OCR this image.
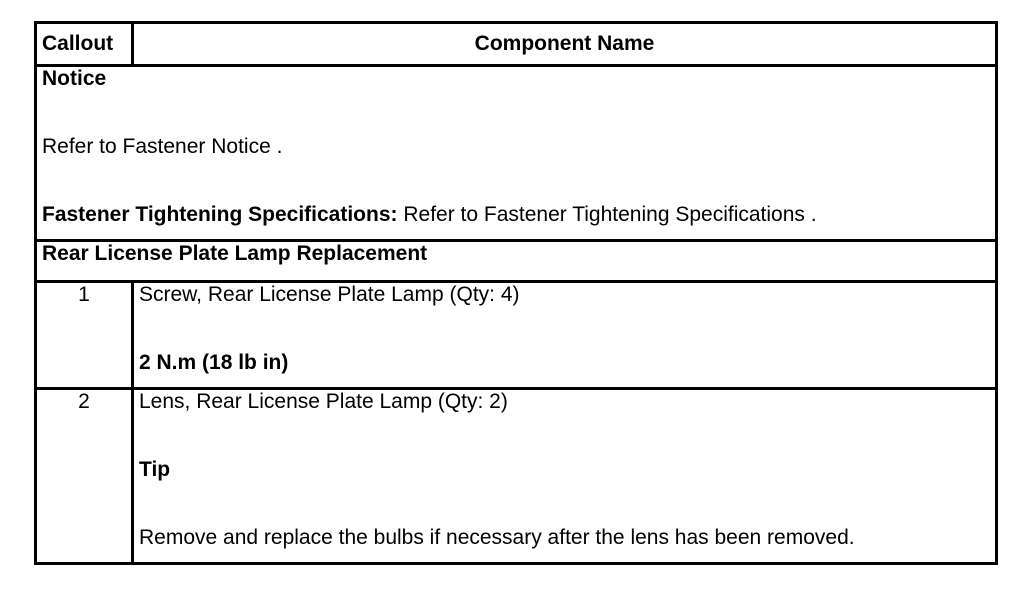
Callout	Component Name

Notice
Refer to Fastener Notice .
Fastener Tightening Specifications: Refer to Fastener Tightening Specifications .	

Rear License Plate Lamp Replacement	
1	Screw, Rear License Plate Lamp (Qty: 4)
2 N.m (18 lb in)

2	Lens, Rear License Plate Lamp (Qty: 2)
Tip
Remove and replace the bulbs if necessary after the lens has been removed.
